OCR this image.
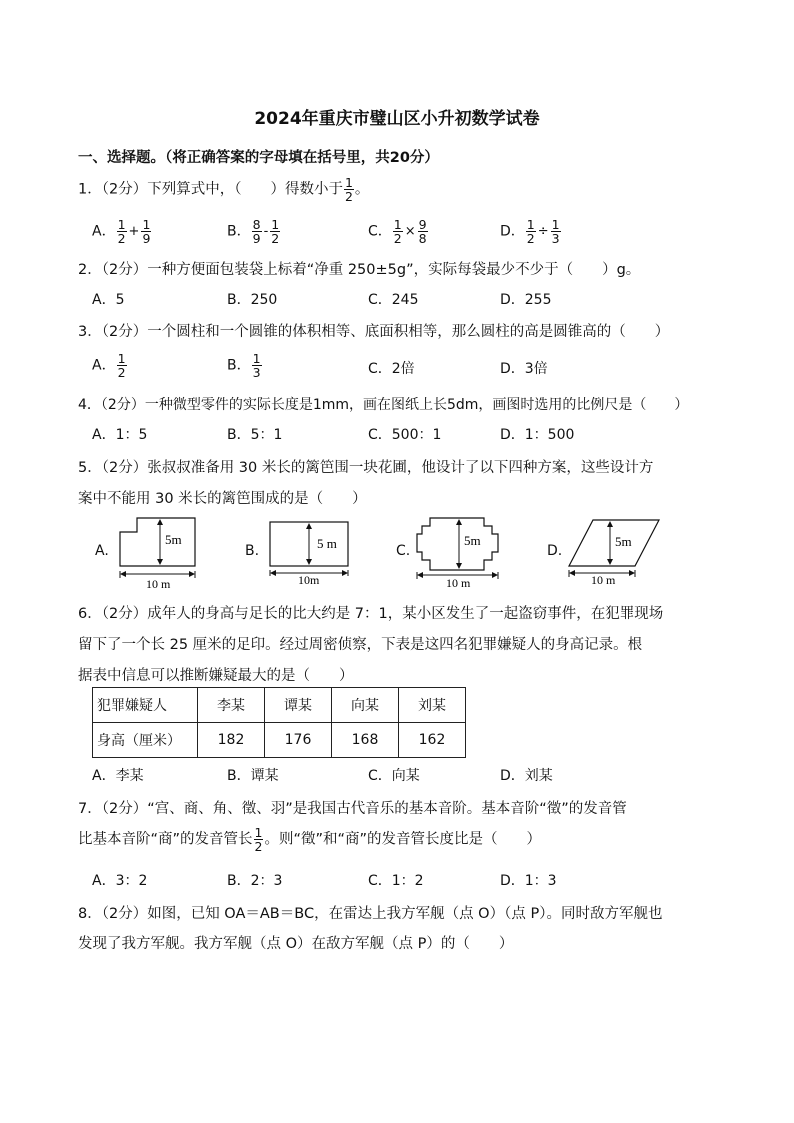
2024年重庆市璧山区小升初数学试卷
一、选择题。（将正确答案的字母填在括号里，共20分）
1．（2分）下列算式中，（　　）得数小于 $\frac{1}{2}$ 。
A． $\frac{1}{2} + \frac{1}{9}$	B． $\frac{8}{9} - \frac{1}{2}$	C． $\frac{1}{2} \times \frac{9}{8}$	D． $\frac{1}{2} \div \frac{1}{3}$
2．（2分）一种方便面包装袋上标着“净重 250±5g”，实际每袋最少不少于（　　）g。
A．5	B．250	C．245	D．255
3．（2分）一个圆柱和一个圆锥的体积相等、底面积相等，那么圆柱的高是圆锥高的（　　）
A． $\frac{1}{2}$	B． $\frac{1}{3}$	C．2倍	D．3倍
4．（2分）一种微型零件的实际长度是1mm，画在图纸上长5dm，画图时选用的比例尺是（　　）
A．1：5	B．5：1	C．500：1	D．1：500
5．（2分）张叔叔准备用 30 米长的篱笆围一块花圃，他设计了以下四种方案，这些设计方
案中不能用 30 米长的篱笆围成的是（　　）
A.
5m
10 m
B.	5 m
10m
C.
5m
10 m
D.
5m
10 m
6．（2分）成年人的身高与足长的比大约是 7：1，某小区发生了一起盗窃事件，在犯罪现场
留下了一个长 25 厘米的足印。经过周密侦察，下表是这四名犯罪嫌疑人的身高记录。根
据表中信息可以推断嫌疑最大的是（　　）
犯罪嫌疑人	李某	谭某	向某	刘某
身高（厘米）	182	176	168	162
A．李某	B．谭某	C．向某	D．刘某
7．（2分）“宫、商、角、徵、羽”是我国古代音乐的基本音阶。基本音阶“徵”的发音管
比基本音阶“商”的发音管长 $\frac{1}{2}$ 。则“徵”和“商”的发音管长度比是（　　）
A．3：2	B．2：3	C．1：2	D．1：3
8．（2分）如图，已知 OA＝AB＝BC，在雷达上我方军舰（点 O）（点 P）。同时敌方军舰也
发现了我方军舰。我方军舰（点 O）在敌方军舰（点 P）的（　　）
